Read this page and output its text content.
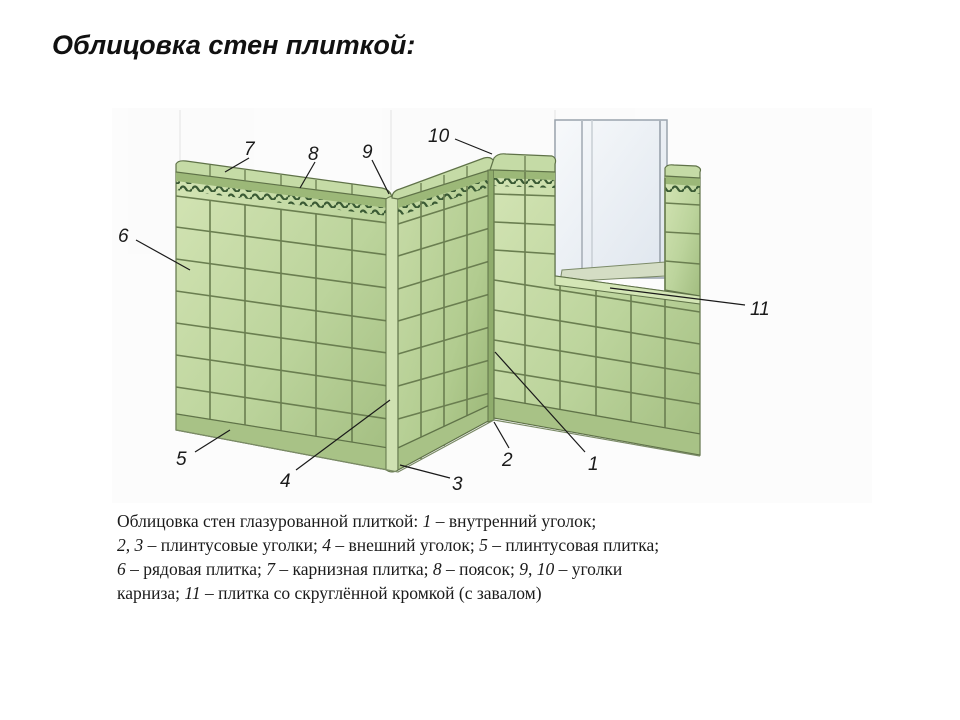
Облицовка стен плиткой:
1
2
3
4
5
6
7	8 9
10
11
Облицовка стен глазурованной плиткой: 1 – внутренний уголок;
2, 3 – плинтусовые уголки; 4 – внешний уголок; 5 – плинтусовая плитка;
6 – рядовая плитка; 7 – карнизная плитка; 8 – поясок; 9, 10 – уголки
карниза; 11 – плитка со скруглённой кромкой (с завалом)
